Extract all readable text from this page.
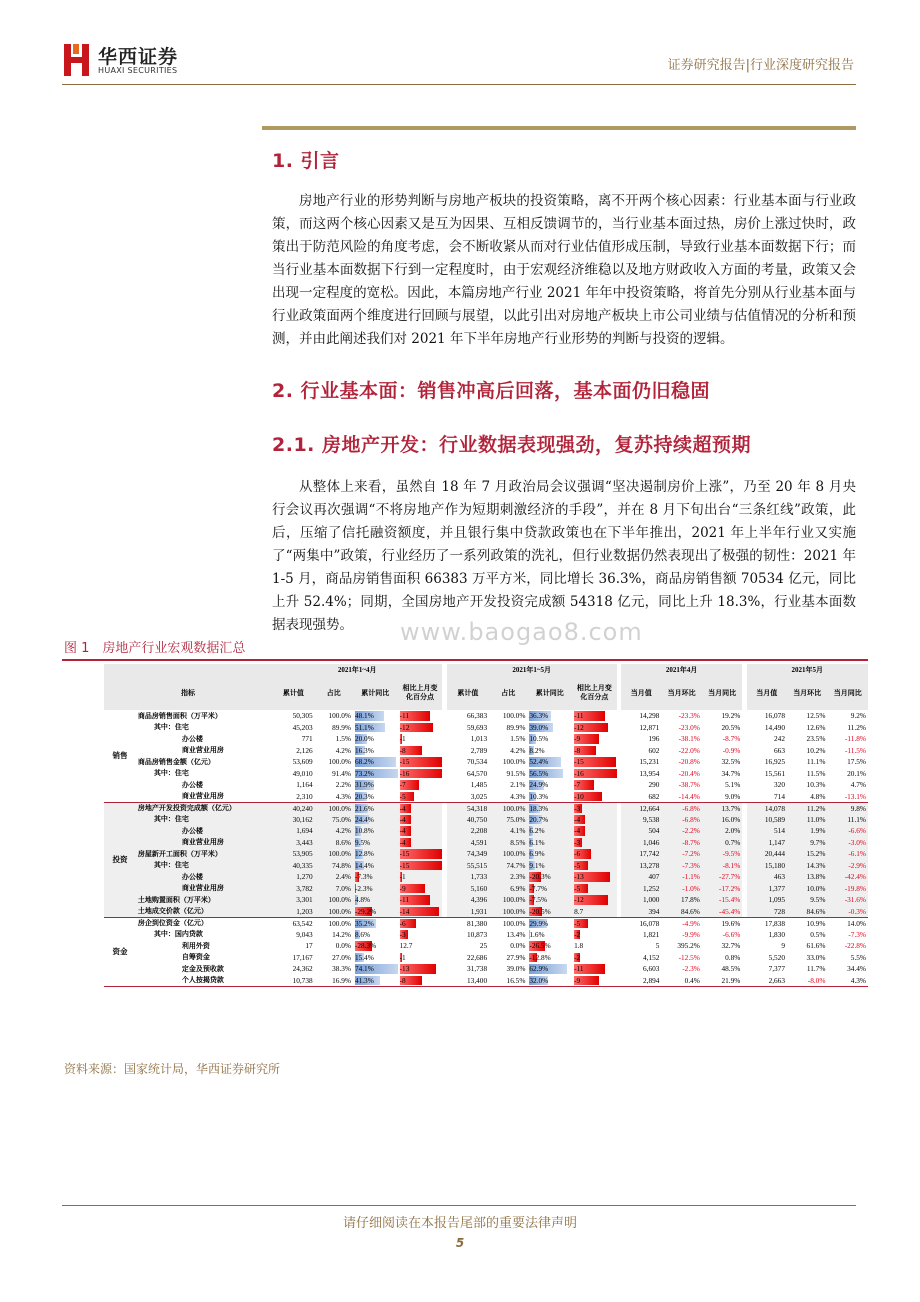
华西证券
HUAXI SECURITIES	证券研究报告|行业深度研究报告
1. 引言

房地产行业的形势判断与房地产板块的投资策略，离不开两个核心因素：行业基本面与行业政策，而这两个核心因素又是互为因果、互相反馈调节的，当行业基本面过热，房价上涨过快时，政策出于防范风险的角度考虑，会不断收紧从而对行业估值形成压制，导致行业基本面数据下行；而当行业基本面数据下行到一定程度时，由于宏观经济维稳以及地方财政收入方面的考量，政策又会出现一定程度的宽松。因此，本篇房地产行业 2021 年年中投资策略，将首先分别从行业基本面与行业政策面两个维度进行回顾与展望，以此引出对房地产板块上市公司业绩与估值情况的分析和预测，并由此阐述我们对 2021 年下半年房地产行业形势的判断与投资的逻辑。

2. 行业基本面：销售冲高后回落，基本面仍旧稳固
2.1. 房地产开发：行业数据表现强劲，复苏持续超预期

从整体上来看，虽然自 18 年 7 月政治局会议强调“坚决遏制房价上涨”，乃至 20 年 8 月央行会议再次强调“不将房地产作为短期刺激经济的手段”，并在 8 月下旬出台“三条红线”政策，此后，压缩了信托融资额度，并且银行集中贷款政策也在下半年推出，2021 年上半年行业又实施了“两集中”政策，行业经历了一系列政策的洗礼，但行业数据仍然表现出了极强的韧性：2021 年 1-5 月，商品房销售面积 66383 万平方米，同比增长 36.3%，商品房销售额 70534 亿元，同比上升 52.4%；同期，全国房地产开发投资完成额 54318 亿元，同比上升 18.3%，行业基本面数据表现强势。

图 1　房地产行业宏观数据汇总
www.baogao8.com
		2021年1~4月					2021年1~5月					2021年4月				2021年5月		
指标		累计值	占比	累计同比	相比上月变化百分点		累计值	占比	累计同比	相比上月变化百分点		当月值	当月环比	当月同比		当月值	当月环比	当月同比
销售	商品房销售面积（万平米）	50,305	100.0%	48.1%	-11		66,383	100.0%	36.3%	-11		14,298	-23.3%	19.2%		16,078	12.5%	9.2%
	其中：住宅	45,203	89.9%	51.1%	-12		59,693	89.9%	39.0%	-12		12,871	-23.0%	20.5%		14,490	12.6%	11.2%
	办公楼	771	1.5%	20.0%	-1		1,013	1.5%	10.5%	-9		196	-38.1%	-8.7%		242	23.5%	-11.8%
	商业营业用房	2,126	4.2%	16.3%	-8		2,789	4.2%	8.2%	-8		602	-22.0%	-0.9%		663	10.2%	-11.5%
	商品房销售金额（亿元）	53,609	100.0%	68.2%	-15		70,534	100.0%	52.4%	-15		15,231	-20.8%	32.5%		16,925	11.1%	17.5%
	其中：住宅	49,010	91.4%	73.2%	-16		64,570	91.5%	56.5%	-16		13,954	-20.4%	34.7%		15,561	11.5%	20.1%
	办公楼	1,164	2.2%	31.9%	-7		1,485	2.1%	24.9%	-7		290	-38.7%	5.1%		320	10.3%	4.7%
	商业营业用房	2,310	4.3%	20.3%	-5		3,025	4.3%	10.3%	-10		682	-14.4%	9.0%		714	4.8%	-13.1%
投资	房地产开发投资完成额（亿元）	40,240	100.0%	21.6%	-4		54,318	100.0%	18.3%	-3		12,664	-6.8%	13.7%		14,078	11.2%	9.8%
	其中：住宅	30,162	75.0%	24.4%	-4		40,750	75.0%	20.7%	-4		9,538	-6.8%	16.0%		10,589	11.0%	11.1%
	办公楼	1,694	4.2%	10.8%	-4		2,208	4.1%	6.2%	-4		504	-2.2%	2.0%		514	1.9%	-6.6%
	商业营业用房	3,443	8.6%	9.5%	-4		4,591	8.5%	6.1%	-3		1,046	-8.7%	0.7%		1,147	9.7%	-3.0%
	房屋新开工面积（万平米）	53,905	100.0%	12.8%	-15		74,349	100.0%	6.9%	-6		17,742	-7.2%	-9.5%		20,444	15.2%	-6.1%
	其中：住宅	40,335	74.8%	14.4%	-15		55,515	74.7%	9.1%	-5		13,278	-7.3%	-8.1%		15,180	14.3%	-2.9%
	办公楼	1,270	2.4%	-7.3%	-1		1,733	2.3%	-20.3%	-13		407	-1.1%	-27.7%		463	13.8%	-42.4%
	商业营业用房	3,782	7.0%	-2.3%	-9		5,160	6.9%	-7.7%	-5		1,252	-1.0%	-17.2%		1,377	10.0%	-19.8%
	土地购置面积（万平米）	3,301	100.0%	4.8%	-11		4,396	100.0%	-7.5%	-12		1,000	17.8%	-15.4%		1,095	9.5%	-31.6%
	土地成交价款（亿元）	1,203	100.0%	-29.2%	-14		1,931	100.0%	-20.5%	8.7		394	84.6%	-45.4%		728	84.6%	-0.3%
资金	房企到位资金（亿元）	63,542	100.0%	35.2%	-6		81,380	100.0%	29.9%	-5		16,078	-4.9%	19.6%		17,838	10.9%	14.0%
	其中：国内贷款	9,043	14.2%	8.6%	-3		10,873	13.4%	1.6%	-2		1,821	-9.9%	-6.6%		1,830	0.5%	-7.3%
	利用外资	17	0.0%	-28.3%	12.7		25	0.0%	-26.5%	1.8		5	395.2%	32.7%		9	61.6%	-22.8%
	自筹资金	17,167	27.0%	15.4%	-1		22,686	27.9%	-12.8%	-2		4,152	-12.5%	0.8%		5,520	33.0%	5.5%
	定金及预收款	24,362	38.3%	74.1%	-13		31,738	39.0%	62.9%	-11		6,603	-2.3%	48.5%		7,377	11.7%	34.4%
	个人按揭贷款	10,738	16.9%	41.3%	-8		13,400	16.5%	32.0%	-9		2,894	0.4%	21.9%		2,663	-8.0%	4.3%
资料来源：国家统计局，华西证券研究所
请仔细阅读在本报告尾部的重要法律声明
5
